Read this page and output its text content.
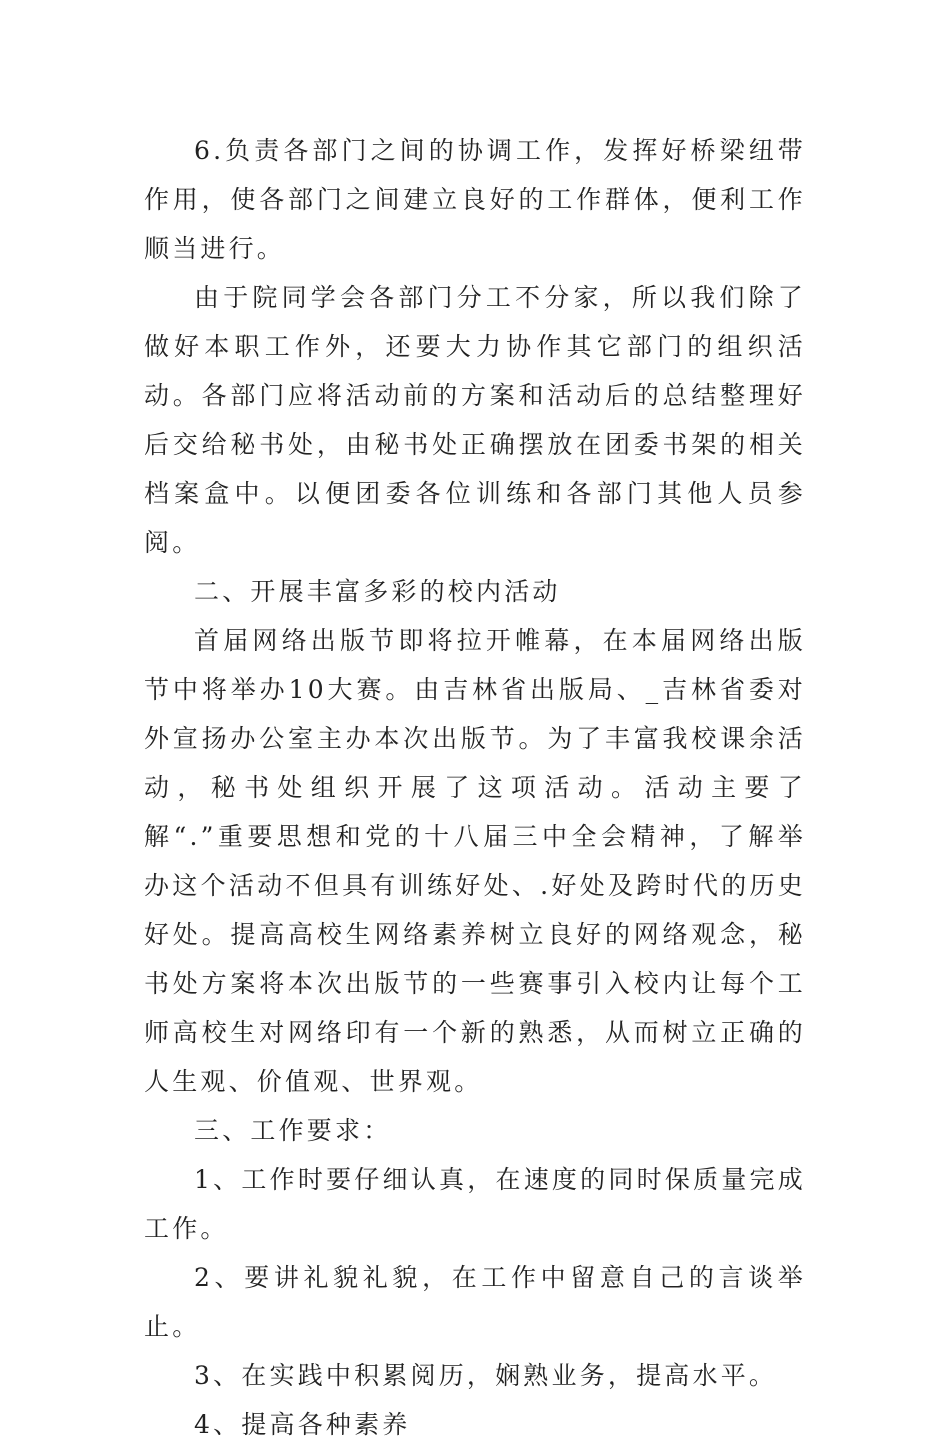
6.负责各部门之间的协调工作，发挥好桥梁纽带作用，使各部门之间建立良好的工作群体，便利工作顺当进行。

由于院同学会各部门分工不分家，所以我们除了做好本职工作外，还要大力协作其它部门的组织活动。各部门应将活动前的方案和活动后的总结整理好后交给秘书处，由秘书处正确摆放在团委书架的相关档案盒中。以便团委各位训练和各部门其他人员参阅。

二、开展丰富多彩的校内活动

首届网络出版节即将拉开帷幕，在本届网络出版节中将举办10大赛。由吉林省出版局、_吉林省委对外宣扬办公室主办本次出版节。为了丰富我校课余活动，秘书处组织开展了这项活动。活动主要了解“.”重要思想和党的十八届三中全会精神，了解举办这个活动不但具有训练好处、.好处及跨时代的历史好处。提高高校生网络素养树立良好的网络观念，秘书处方案将本次出版节的一些赛事引入校内让每个工师高校生对网络印有一个新的熟悉，从而树立正确的人生观、价值观、世界观。

三、工作要求：

1、工作时要仔细认真，在速度的同时保质量完成工作。

2、要讲礼貌礼貌，在工作中留意自己的言谈举止。

3、在实践中积累阅历，娴熟业务，提高水平。

4、提高各种素养
